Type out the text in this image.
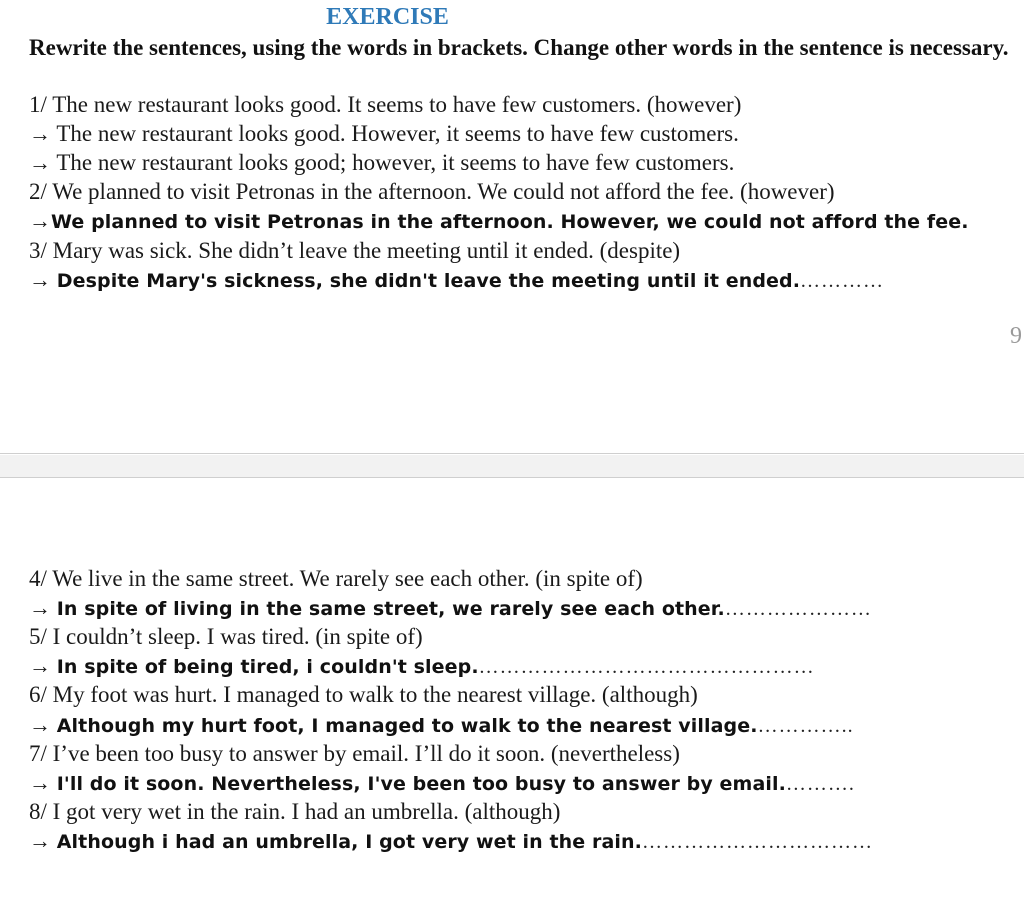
EXERCISE
Rewrite the sentences, using the words in brackets. Change other words in the sentence is necessary.
1/ The new restaurant looks good. It seems to have few customers. (however)
→ The new restaurant looks good. However, it seems to have few customers.
→ The new restaurant looks good; however, it seems to have few customers.
2/ We planned to visit Petronas in the afternoon. We could not afford the fee. (however)
→We planned to visit Petronas in the afternoon. However, we could not afford the fee.
3/ Mary was sick. She didn’t leave the meeting until it ended. (despite)
→ Despite Mary's sickness, she didn't leave the meeting until it ended.…………
9
4/ We live in the same street. We rarely see each other. (in spite of)
→ In spite of living in the same street, we rarely see each other.…………………
5/ I couldn’t sleep. I was tired. (in spite of)
→ In spite of being tired, i couldn't sleep.…………………………………………
6/ My foot was hurt. I managed to walk to the nearest village. (although)
→ Although my hurt foot, I managed to walk to the nearest village.…………..
7/ I’ve been too busy to answer by email. I’ll do it soon. (nevertheless)
→ I'll do it soon. Nevertheless, I've been too busy to answer by email.……….
8/ I got very wet in the rain. I had an umbrella. (although)
→ Although i had an umbrella, I got very wet in the rain.……………………………
